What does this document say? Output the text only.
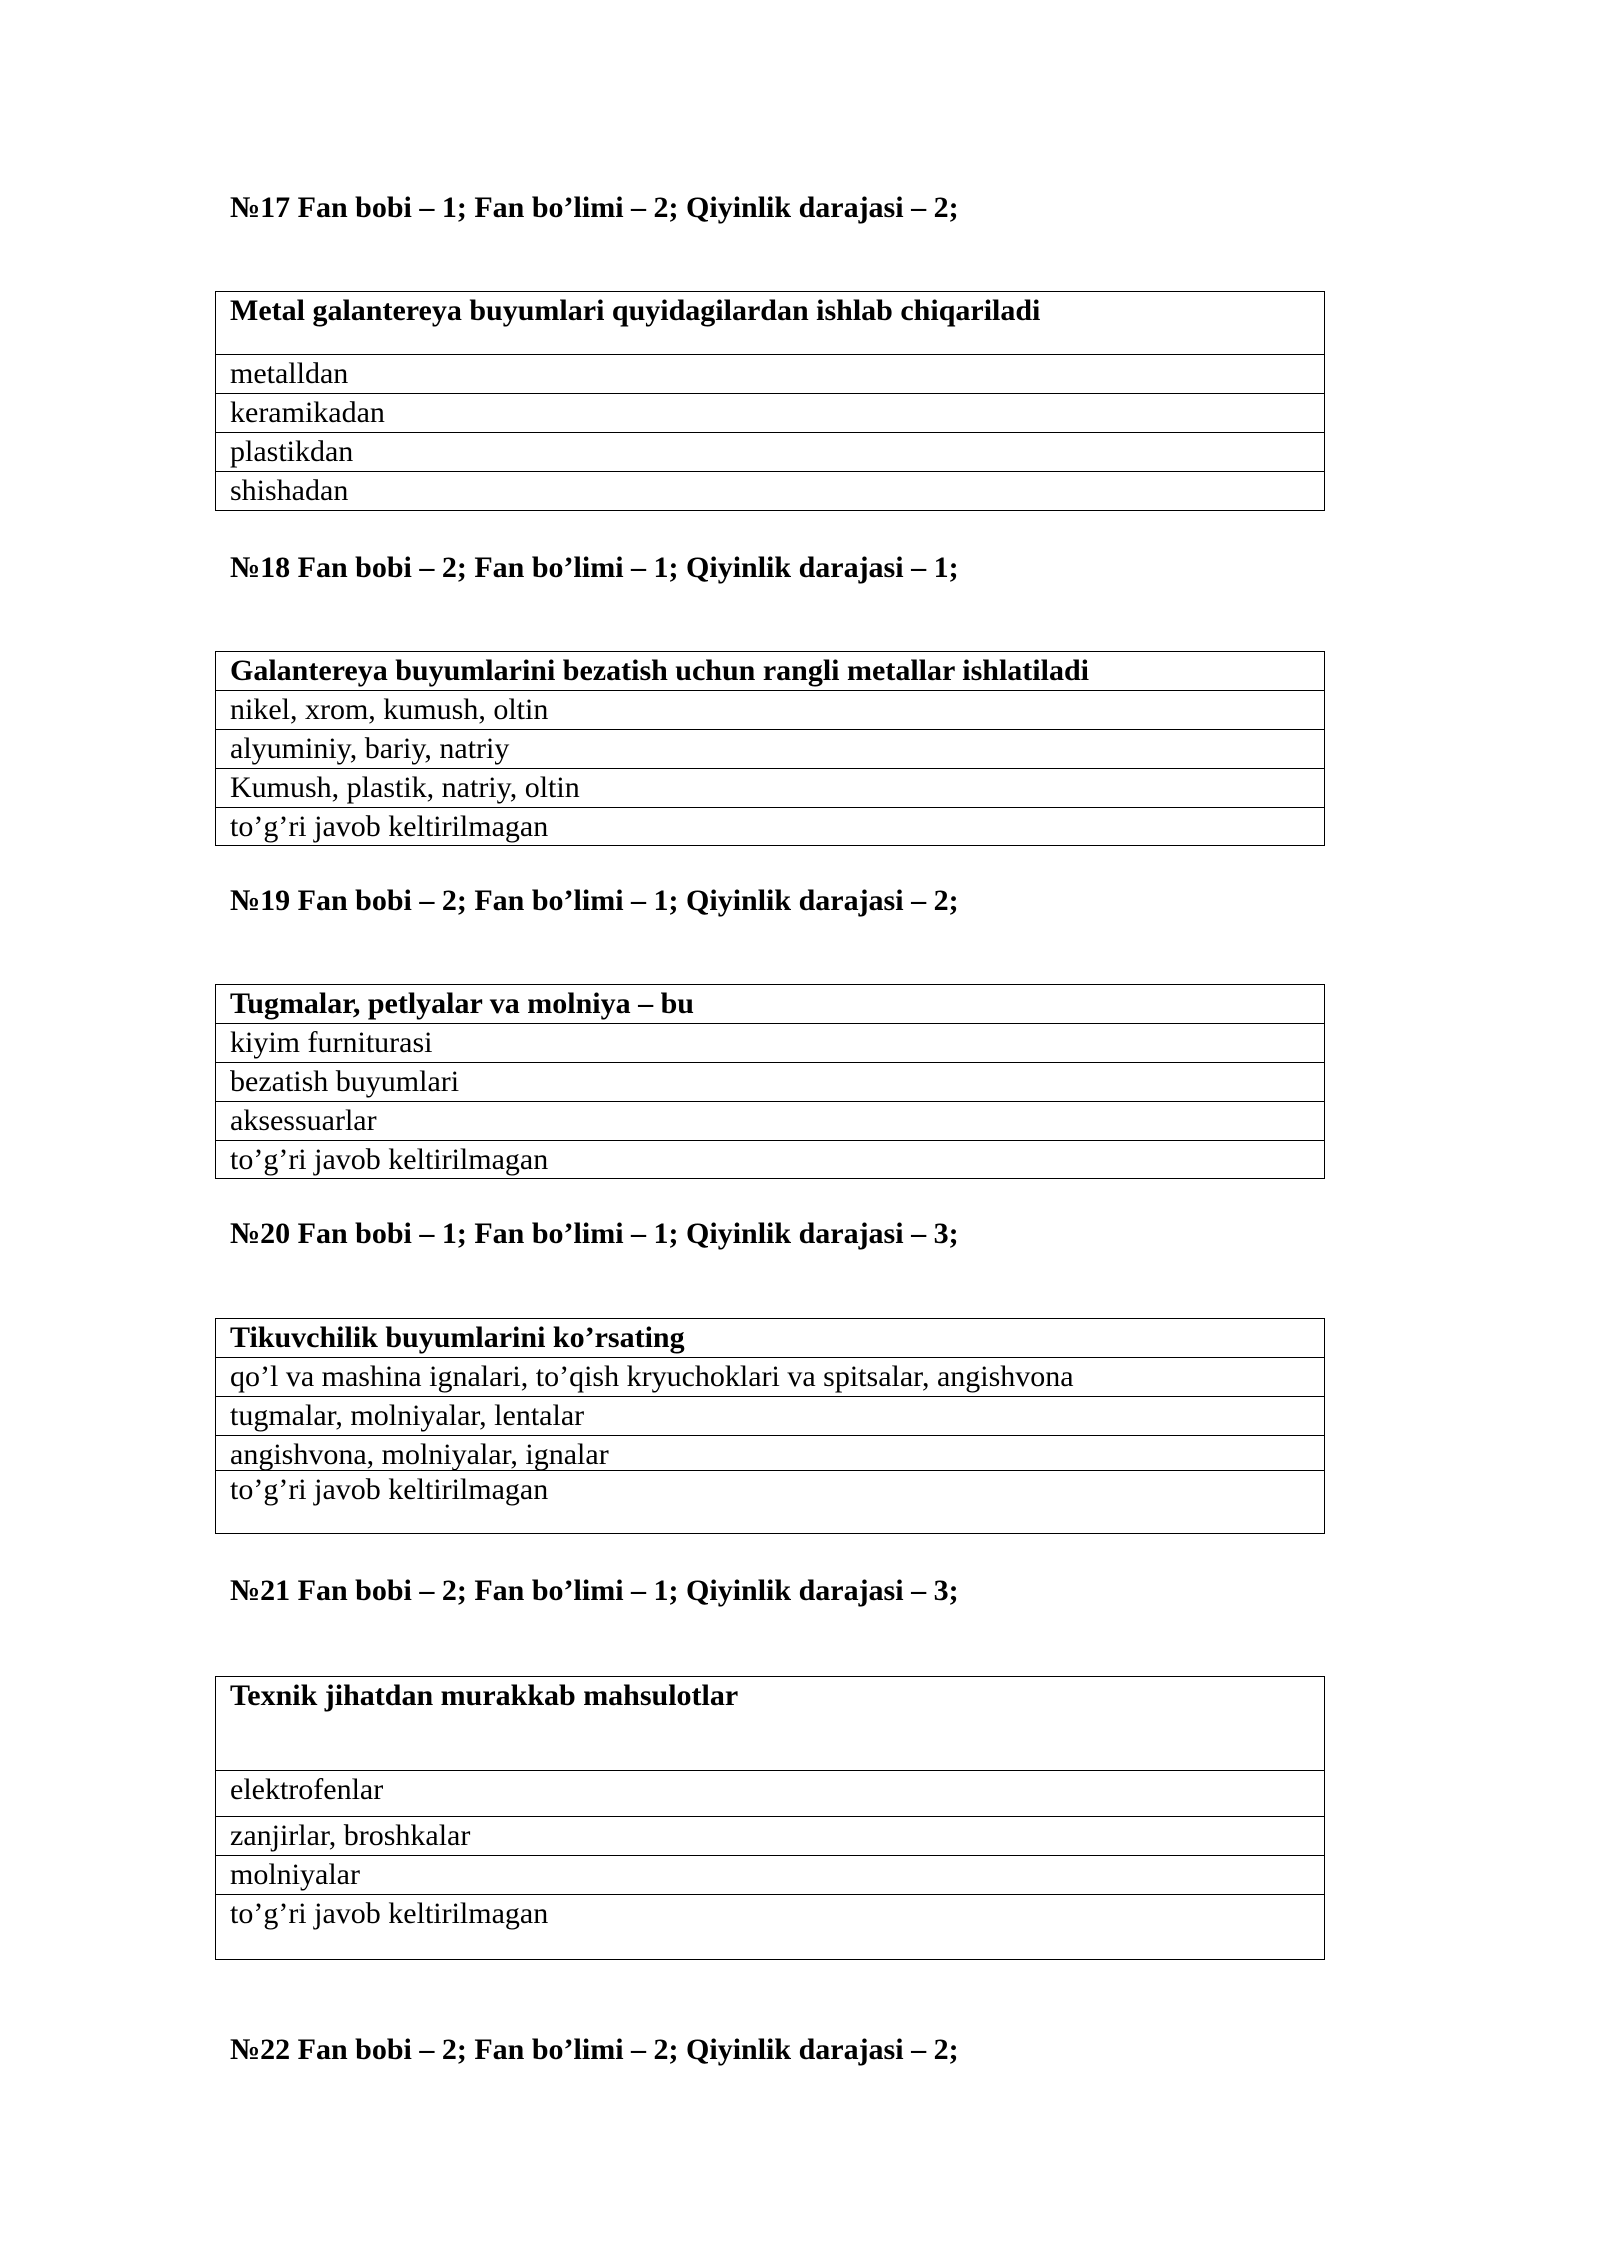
№17 Fan bobi – 1; Fan bo’limi – 2; Qiyinlik darajasi – 2;
Metal galantereya buyumlari quyidagilardan ishlab chiqariladi
metalldan
keramikadan
plastikdan
shishadan
№18 Fan bobi – 2; Fan bo’limi – 1; Qiyinlik darajasi – 1;
Galantereya buyumlarini bezatish uchun rangli metallar ishlatiladi
nikel, xrom, kumush, oltin
alyuminiy, bariy, natriy
Kumush, plastik, natriy, oltin
to’g’ri javob keltirilmagan
№19 Fan bobi – 2; Fan bo’limi – 1; Qiyinlik darajasi – 2;
Tugmalar, petlyalar va molniya – bu
kiyim furniturasi
bezatish buyumlari
aksessuarlar
to’g’ri javob keltirilmagan
№20 Fan bobi – 1; Fan bo’limi – 1; Qiyinlik darajasi – 3;
Tikuvchilik buyumlarini ko’rsating
qo’l va mashina ignalari, to’qish kryuchoklari va spitsalar, angishvona
tugmalar, molniyalar, lentalar
angishvona, molniyalar, ignalar
to’g’ri javob keltirilmagan
№21 Fan bobi – 2; Fan bo’limi – 1; Qiyinlik darajasi – 3;
Texnik jihatdan murakkab mahsulotlar
elektrofenlar
zanjirlar, broshkalar
molniyalar
to’g’ri javob keltirilmagan
№22 Fan bobi – 2; Fan bo’limi – 2; Qiyinlik darajasi – 2;
